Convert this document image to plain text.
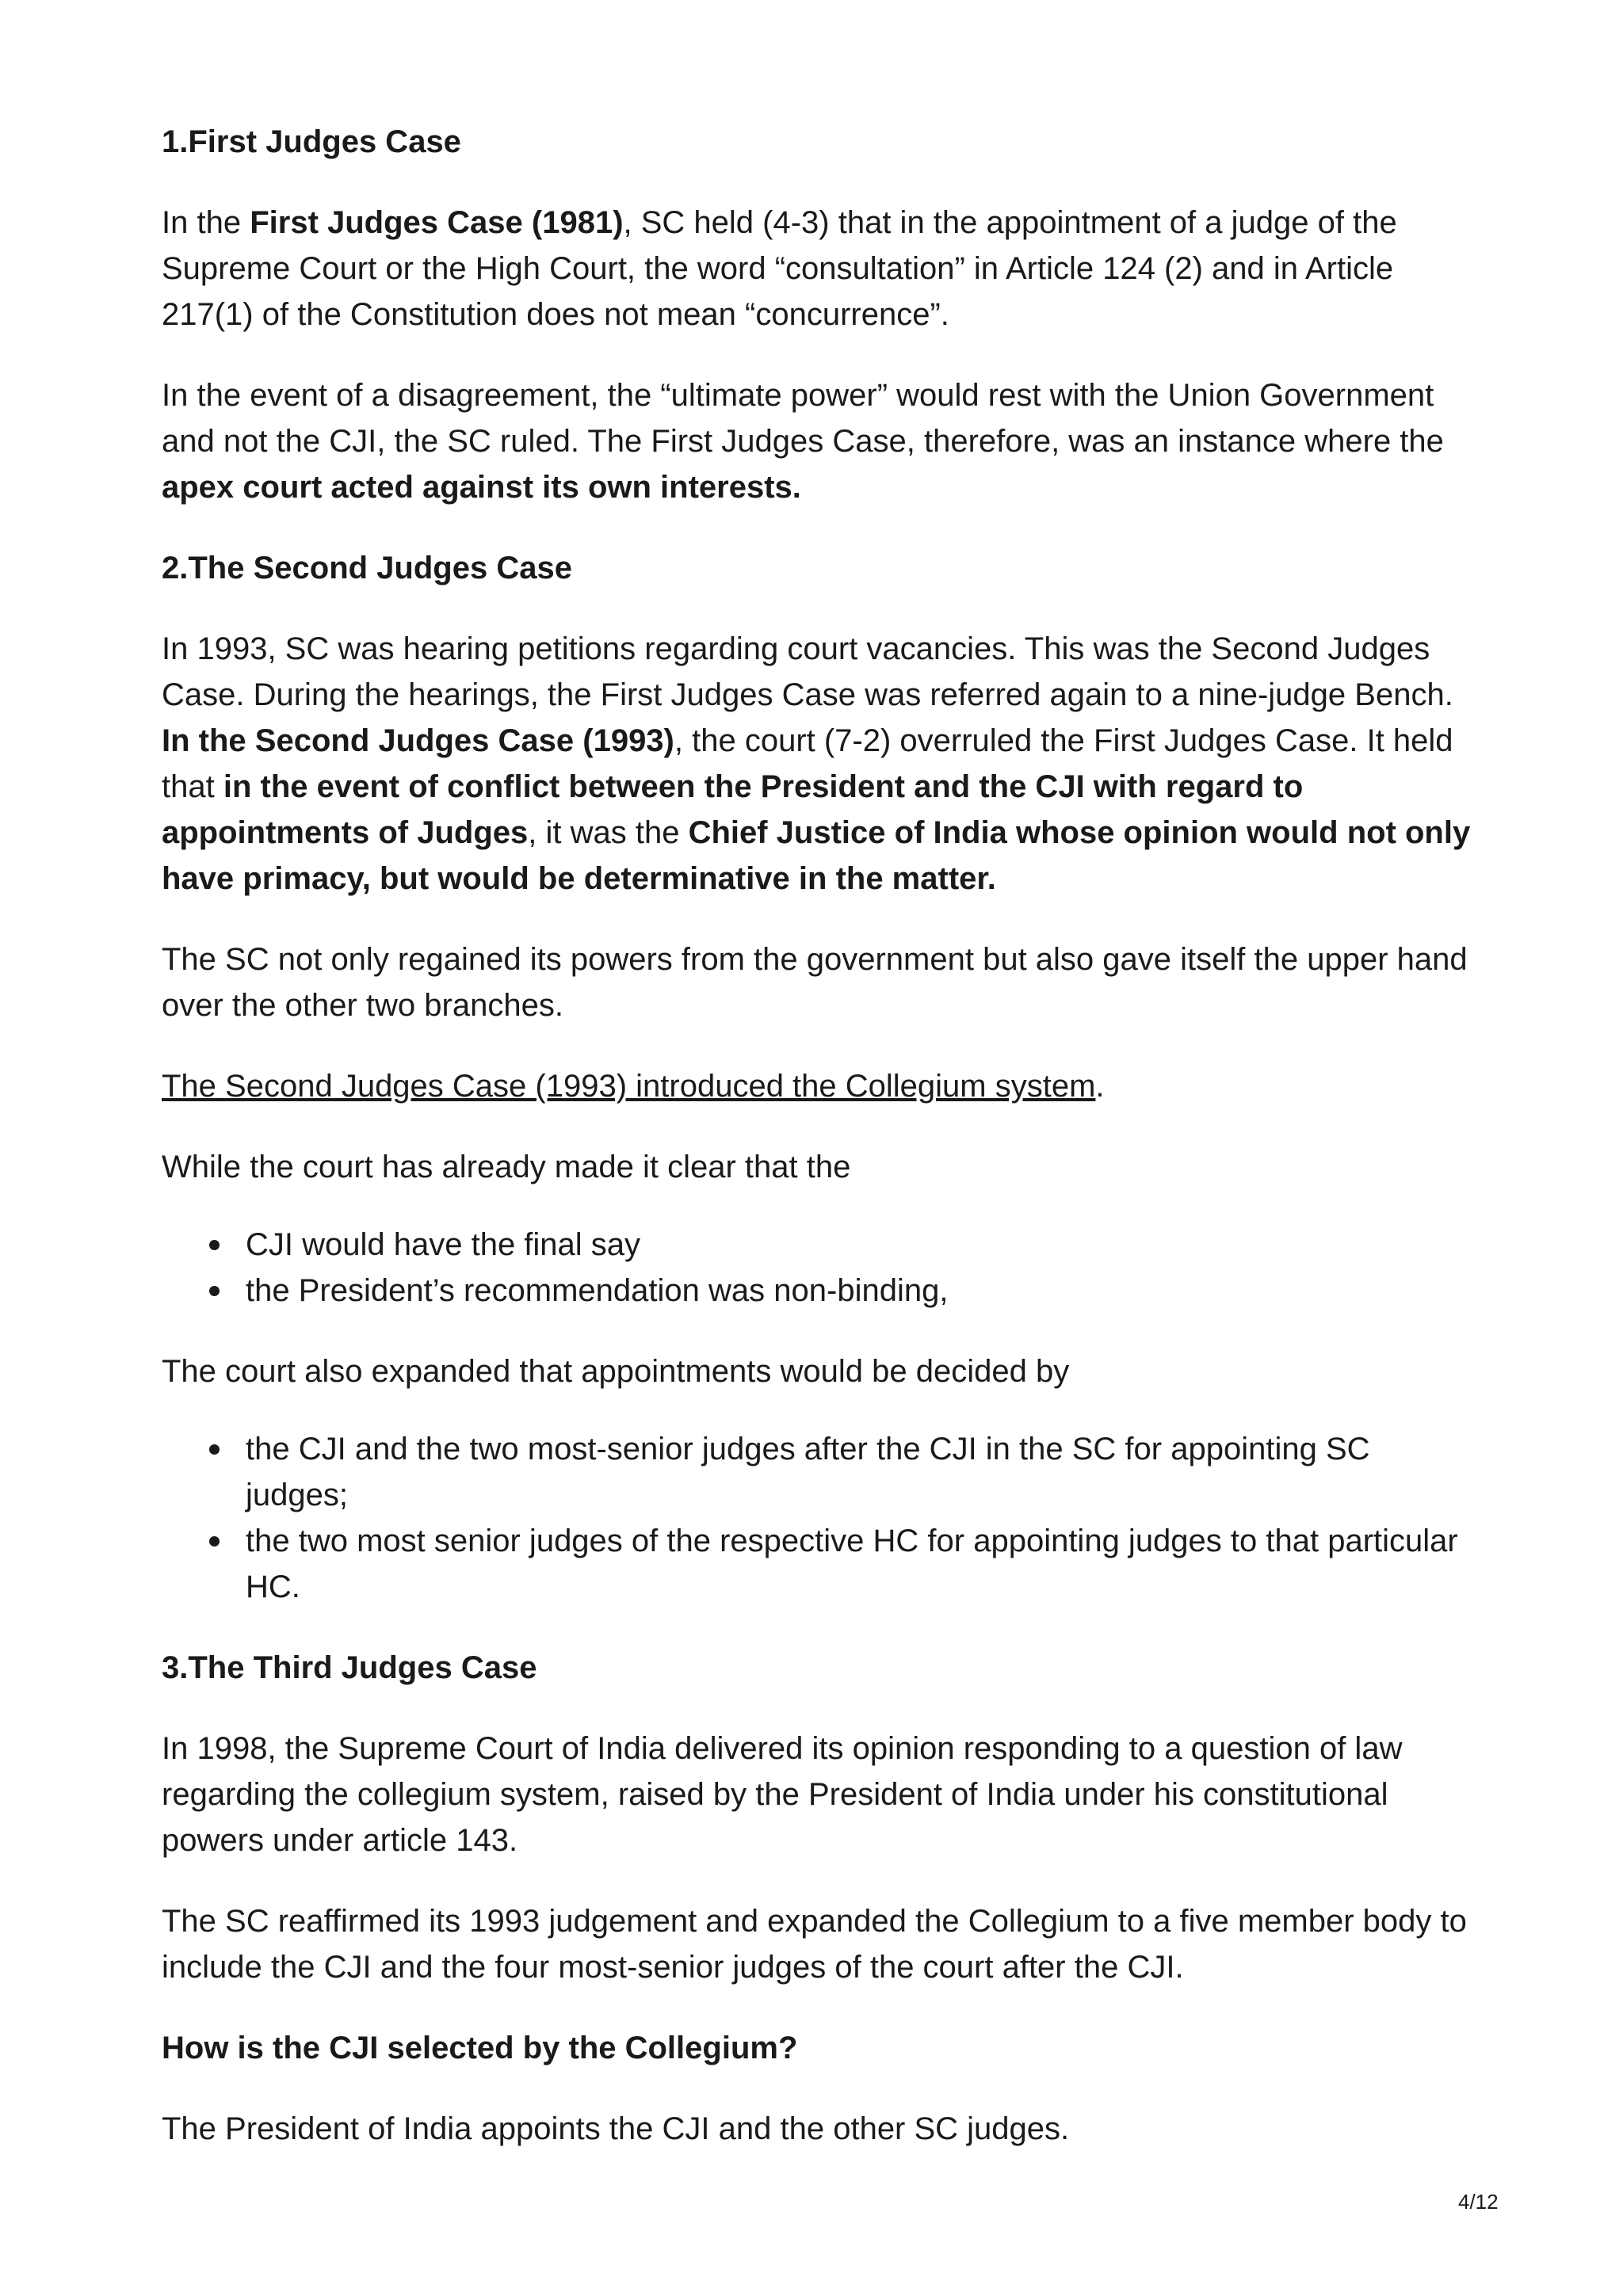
1.First Judges Case

In the First Judges Case (1981), SC held (4-3) that in the appointment of a judge of the Supreme Court or the High Court, the word “consultation” in Article 124 (2) and in Article 217(1) of the Constitution does not mean “concurrence”.

In the event of a disagreement, the “ultimate power” would rest with the Union Government and not the CJI, the SC ruled. The First Judges Case, therefore, was an instance where the apex court acted against its own interests.

2.The Second Judges Case

In 1993, SC was hearing petitions regarding court vacancies. This was the Second Judges Case. During the hearings, the First Judges Case was referred again to a nine-judge Bench. In the Second Judges Case (1993), the court (7-2) overruled the First Judges Case. It held that in the event of conflict between the President and the CJI with regard to appointments of Judges, it was the Chief Justice of India whose opinion would not only have primacy, but would be determinative in the matter.

The SC not only regained its powers from the government but also gave itself the upper hand over the other two branches.

The Second Judges Case (1993) introduced the Collegium system.

While the court has already made it clear that the

CJI would have the final say
the President’s recommendation was non-binding,

The court also expanded that appointments would be decided by

the CJI and the two most-senior judges after the CJI in the SC for appointing SC judges;
the two most senior judges of the respective HC for appointing judges to that particular HC.
3.The Third Judges Case

In 1998, the Supreme Court of India delivered its opinion responding to a question of law regarding the collegium system, raised by the President of India under his constitutional powers under article 143.

The SC reaffirmed its 1993 judgement and expanded the Collegium to a five member body to include the CJI and the four most-senior judges of the court after the CJI.

How is the CJI selected by the Collegium?

The President of India appoints the CJI and the other SC judges.

4/12
